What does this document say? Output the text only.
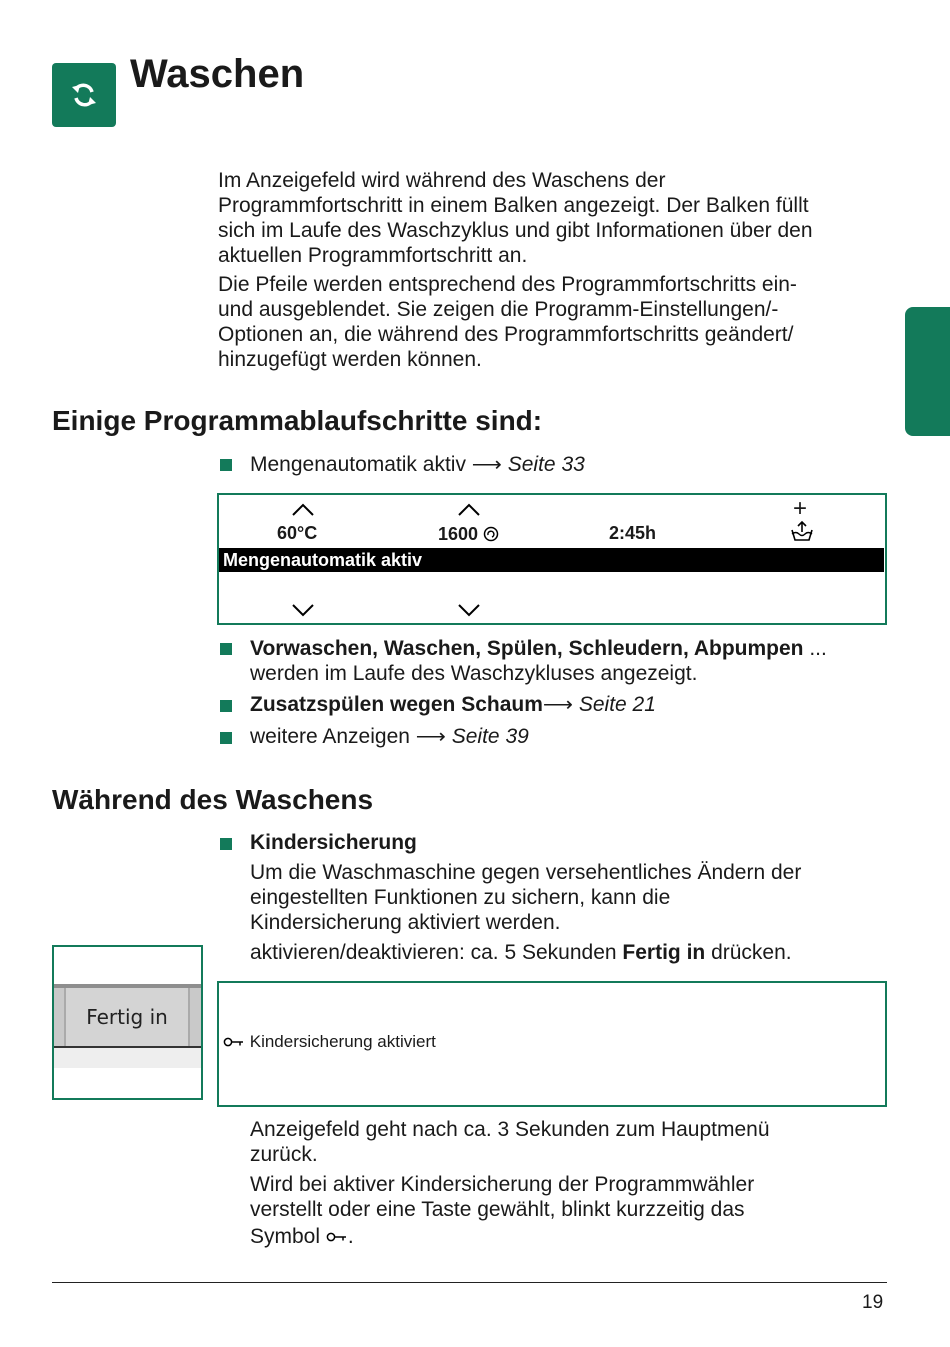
Waschen
Im Anzeigefeld wird während des Waschens der
Programmfortschritt in einem Balken angezeigt. Der Balken füllt
sich im Laufe des Waschzyklus und gibt Informationen über den
aktuellen Programmfortschritt an.
Die Pfeile werden entsprechend des Programmfortschritts ein-
und ausgeblendet. Sie zeigen die Programm-Einstellungen/-
Optionen an, die während des Programmfortschritts geändert/
hinzugefügt werden können.
Einige Programmablaufschritte sind:
Mengenautomatik aktiv ⟶ Seite 33
+
60°C	1600	2:45h
Mengenautomatik aktiv
Vorwaschen, Waschen, Spülen, Schleudern, Abpumpen ...
werden im Laufe des Waschzykluses angezeigt.
Zusatzspülen wegen Schaum⟶ Seite 21
weitere Anzeigen ⟶ Seite 39
Während des Waschens
Kindersicherung
Um die Waschmaschine gegen versehentliches Ändern der
eingestellten Funktionen zu sichern, kann die
Kindersicherung aktiviert werden.
aktivieren/deaktivieren: ca. 5 Sekunden Fertig in drücken.
Fertig in
Kindersicherung aktiviert
Anzeigefeld geht nach ca. 3 Sekunden zum Hauptmenü
zurück.
Wird bei aktiver Kindersicherung der Programmwähler
verstellt oder eine Taste gewählt, blinkt kurzzeitig das
Symbol .
19
